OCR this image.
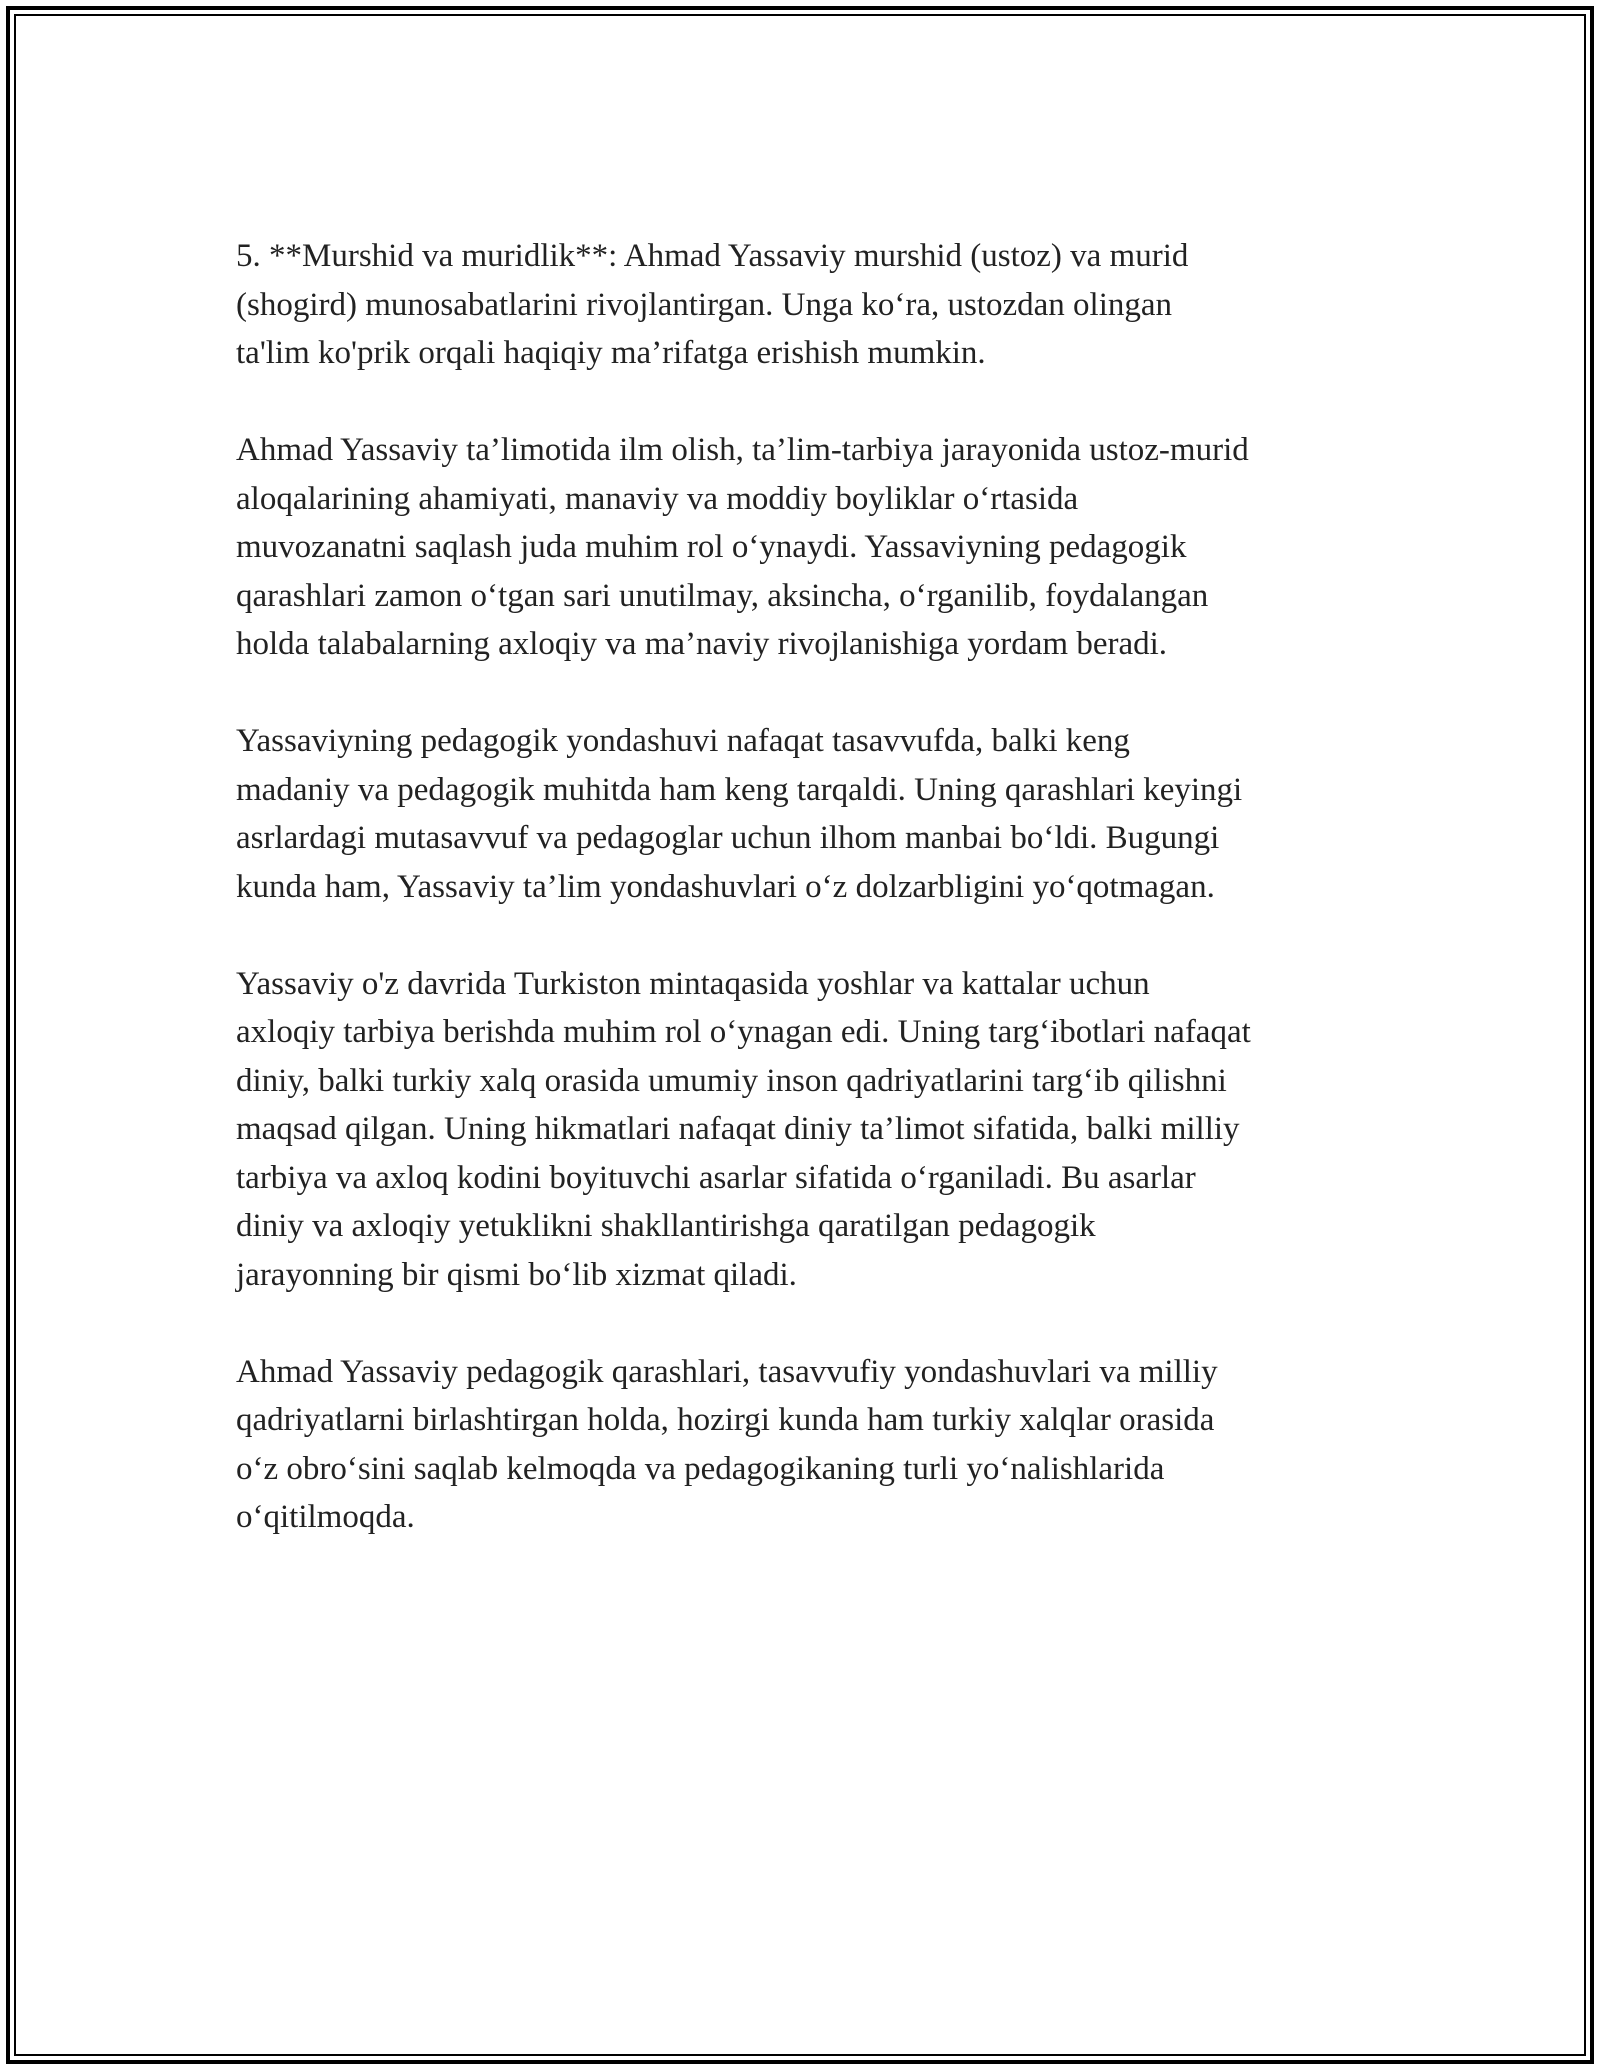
5. **Murshid va muridlik**: Ahmad Yassaviy murshid (ustoz) va murid
(shogird) munosabatlarini rivojlantirgan. Unga ko‘ra, ustozdan olingan
ta'lim ko'prik orqali haqiqiy ma’rifatga erishish mumkin.

Ahmad Yassaviy ta’limotida ilm olish, ta’lim-tarbiya jarayonida ustoz-murid
aloqalarining ahamiyati, manaviy va moddiy boyliklar o‘rtasida
muvozanatni saqlash juda muhim rol o‘ynaydi. Yassaviyning pedagogik
qarashlari zamon o‘tgan sari unutilmay, aksincha, o‘rganilib, foydalangan
holda talabalarning axloqiy va ma’naviy rivojlanishiga yordam beradi.

Yassaviyning pedagogik yondashuvi nafaqat tasavvufda, balki keng
madaniy va pedagogik muhitda ham keng tarqaldi. Uning qarashlari keyingi
asrlardagi mutasavvuf va pedagoglar uchun ilhom manbai bo‘ldi. Bugungi
kunda ham, Yassaviy ta’lim yondashuvlari o‘z dolzarbligini yo‘qotmagan.

Yassaviy o'z davrida Turkiston mintaqasida yoshlar va kattalar uchun
axloqiy tarbiya berishda muhim rol o‘ynagan edi. Uning targ‘ibotlari nafaqat
diniy, balki turkiy xalq orasida umumiy inson qadriyatlarini targ‘ib qilishni
maqsad qilgan. Uning hikmatlari nafaqat diniy ta’limot sifatida, balki milliy
tarbiya va axloq kodini boyituvchi asarlar sifatida o‘rganiladi. Bu asarlar
diniy va axloqiy yetuklikni shakllantirishga qaratilgan pedagogik
jarayonning bir qismi bo‘lib xizmat qiladi.

Ahmad Yassaviy pedagogik qarashlari, tasavvufiy yondashuvlari va milliy
qadriyatlarni birlashtirgan holda, hozirgi kunda ham turkiy xalqlar orasida
o‘z obro‘sini saqlab kelmoqda va pedagogikaning turli yo‘nalishlarida
o‘qitilmoqda.
